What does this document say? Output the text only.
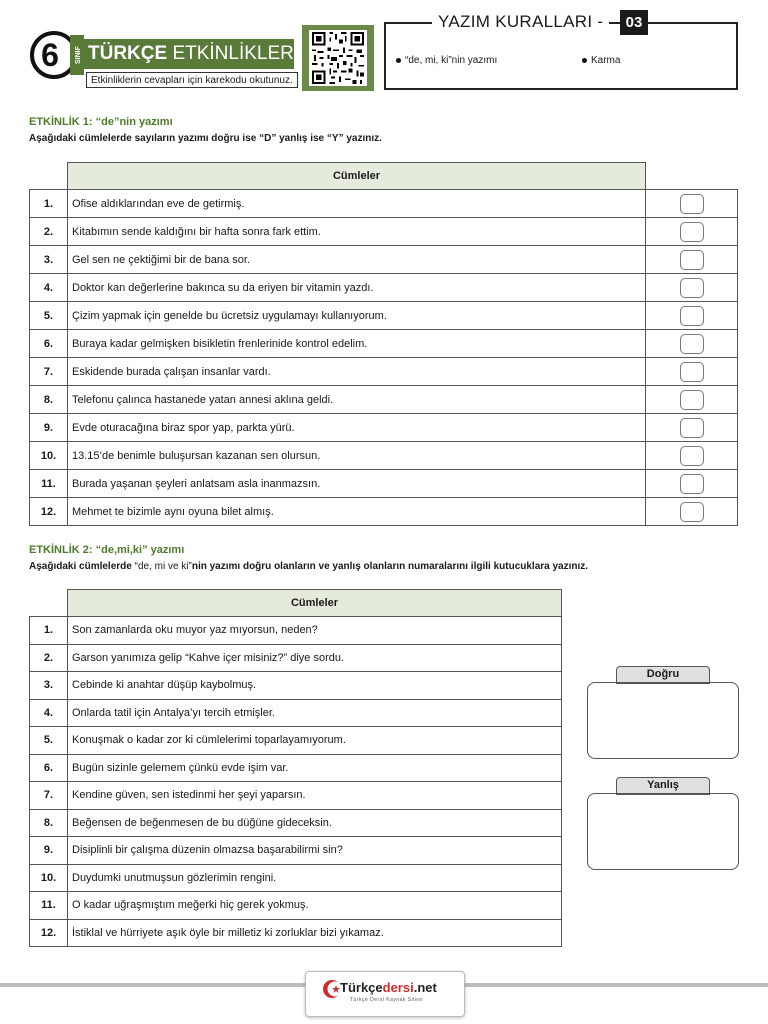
6 SINIF TÜRKÇE ETKİNLİKLERİ
Etkinliklerin cevapları için karekodu okutunuz.
YAZIM KURALLARI -	03
“de, mi, ki”nin yazımı	Karma
ETKİNLİK 1: “de”nin yazımı
Aşağıdaki cümlelerde sayıların yazımı doğru ise “D” yanlış ise “Y” yazınız.
	Cümleler	
1.	Ofise aldıklarından eve de getirmiş.	

2.	Kitabımın sende kaldığını bir hafta sonra fark ettim.	

3.	Gel sen ne çektiğimi bir de bana sor.	

4.	Doktor kan değerlerine bakınca su da eriyen bir vitamin yazdı.	

5.	Çizim yapmak için genelde bu ücretsiz uygulamayı kullanıyorum.	

6.	Buraya kadar gelmişken bisikletin frenlerinide kontrol edelim.	

7.	Eskidende burada çalışan insanlar vardı.	

8.	Telefonu çalınca hastanede yatan annesi aklına geldi.	

9.	Evde oturacağına biraz spor yap, parkta yürü.	

10.	13.15’de benimle buluşursan kazanan sen olursun.	

11.	Burada yaşanan şeyleri anlatsam asla inanmazsın.	

12.	Mehmet te bizimle aynı oyuna bilet almış.	
ETKİNLİK 2: “de,mi,ki” yazımı
Aşağıdaki cümlelerde “de, mi ve ki”nin yazımı doğru olanların ve yanlış olanların numaralarını ilgili kutucuklara yazınız.
	Cümleler
1.	Son zamanlarda oku muyor yaz mıyorsun, neden?
2.	Garson yanımıza gelip “Kahve içer misiniz?” diye sordu.
3.	Cebinde ki anahtar düşüp kaybolmuş.
4.	Onlarda tatil için Antalya’yı tercih etmişler.
5.	Konuşmak o kadar zor ki cümlelerimi toparlayamıyorum.
6.	Bugün sizinle gelemem çünkü evde işim var.
7.	Kendine güven, sen istedinmi her şeyi yaparsın.
8.	Beğensen de beğenmesen de bu düğüne gideceksin.
9.	Disiplinli bir çalışma düzenin olmazsa başarabilirmi sin?
10.	Duydumki unutmuşsun gözlerimin rengini.
11.	O kadar uğraşmıştım meğerki hiç gerek yokmuş.
12.	İstiklal ve hürriyete aşık öyle bir milletiz ki zorluklar bizi yıkamaz.
Doğru
Yanlış
Türkçedersi.net
Türkçe Dersi Kaynak Sitesi
